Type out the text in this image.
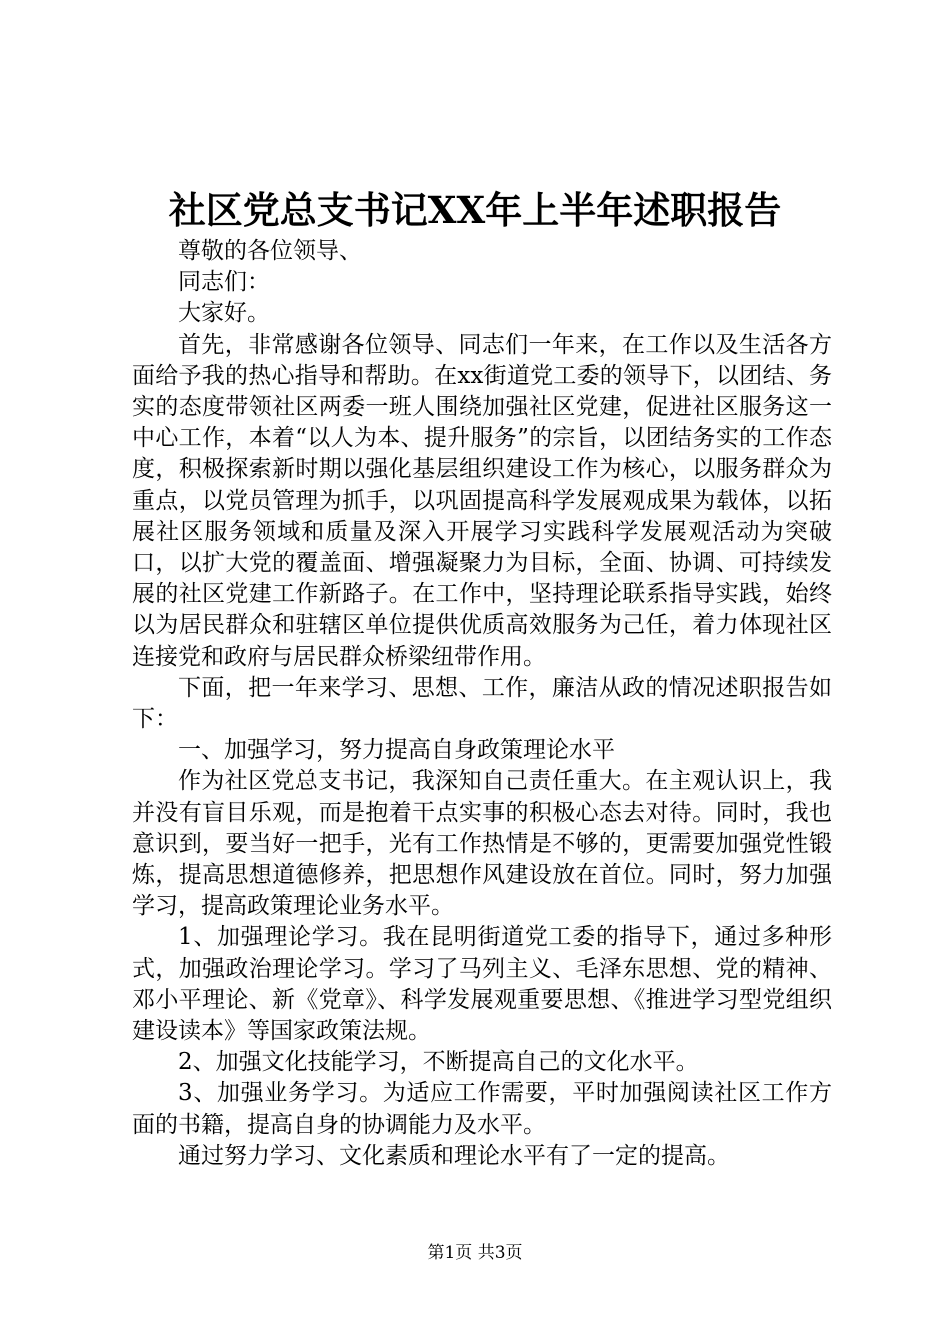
社区党总支书记XX年上半年述职报告

尊敬的各位领导、

同志们：

大家好。

首先，非常感谢各位领导、同志们一年来，在工作以及生活各方面给予我的热心指导和帮助。在xx街道党工委的领导下，以团结、务实的态度带领社区两委一班人围绕加强社区党建，促进社区服务这一中心工作，本着“以人为本、提升服务”的宗旨，以团结务实的工作态度，积极探索新时期以强化基层组织建设工作为核心，以服务群众为重点，以党员管理为抓手，以巩固提高科学发展观成果为载体，以拓展社区服务领域和质量及深入开展学习实践科学发展观活动为突破口，以扩大党的覆盖面、增强凝聚力为目标，全面、协调、可持续发展的社区党建工作新路子。在工作中，坚持理论联系指导实践，始终以为居民群众和驻辖区单位提供优质高效服务为己任，着力体现社区连接党和政府与居民群众桥梁纽带作用。

下面，把一年来学习、思想、工作，廉洁从政的情况述职报告如下：

一、加强学习，努力提高自身政策理论水平

作为社区党总支书记，我深知自己责任重大。在主观认识上，我并没有盲目乐观，而是抱着干点实事的积极心态去对待。同时，我也意识到，要当好一把手，光有工作热情是不够的，更需要加强党性锻炼，提高思想道德修养，把思想作风建设放在首位。同时，努力加强学习，提高政策理论业务水平。

1、加强理论学习。我在昆明街道党工委的指导下，通过多种形式，加强政治理论学习。学习了马列主义、毛泽东思想、党的精神、邓小平理论、新《党章》、科学发展观重要思想、《推进学习型党组织建设读本》等国家政策法规。

2、加强文化技能学习，不断提高自己的文化水平。

3、加强业务学习。为适应工作需要，平时加强阅读社区工作方面的书籍，提高自身的协调能力及水平。

通过努力学习、文化素质和理论水平有了一定的提高。

第1页 共3页
